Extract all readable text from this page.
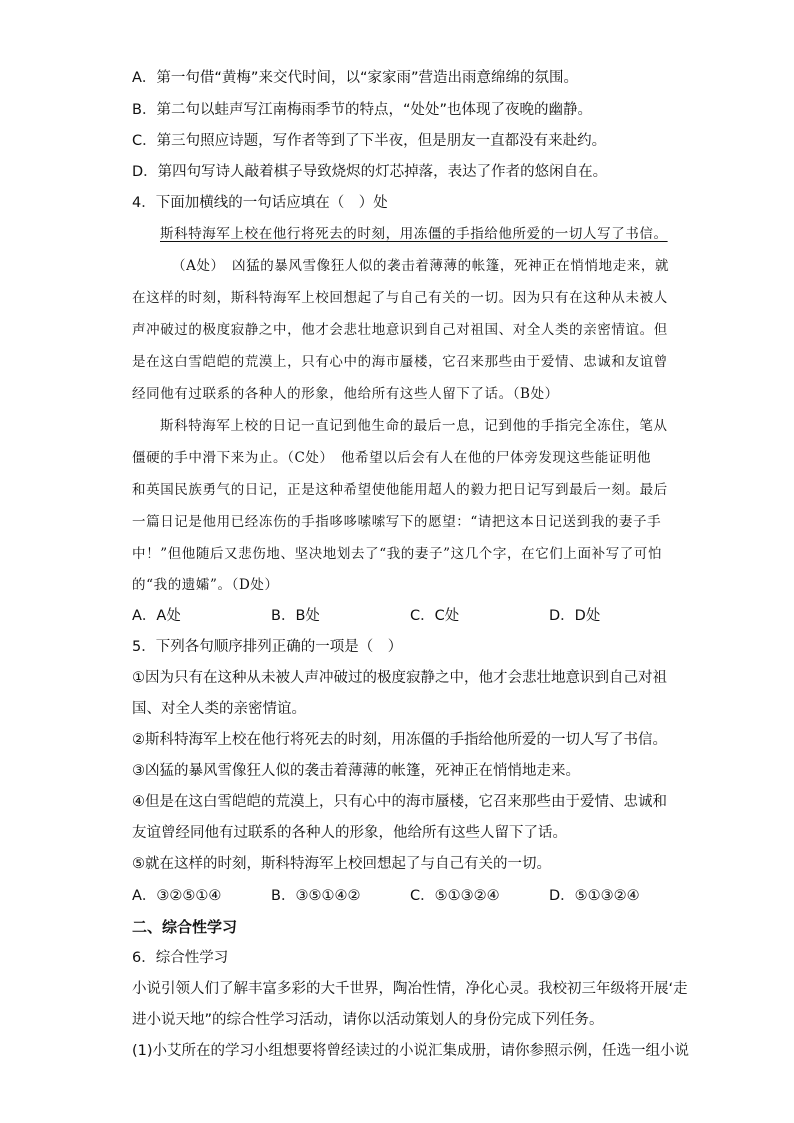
A．第一句借“黄梅”来交代时间，以“家家雨”营造出雨意绵绵的氛围。
B．第二句以蛙声写江南梅雨季节的特点，“处处”也体现了夜晚的幽静。
C．第三句照应诗题，写作者等到了下半夜，但是朋友一直都没有来赴约。
D．第四句写诗人敲着棋子导致烧烬的灯芯掉落，表达了作者的悠闲自在。
4．下面加横线的一句话应填在（　）处
斯科特海军上校在他行将死去的时刻，用冻僵的手指给他所爱的一切人写了书信。
（A处）　凶猛的暴风雪像狂人似的袭击着薄薄的帐篷，死神正在悄悄地走来，就
在这样的时刻，斯科特海军上校回想起了与自己有关的一切。因为只有在这种从未被人
声冲破过的极度寂静之中，他才会悲壮地意识到自己对祖国、对全人类的亲密情谊。但
是在这白雪皑皑的荒漠上，只有心中的海市蜃楼，它召来那些由于爱情、忠诚和友谊曾
经同他有过联系的各种人的形象，他给所有这些人留下了话。（B处）
斯科特海军上校的日记一直记到他生命的最后一息，记到他的手指完全冻住，笔从
僵硬的手中滑下来为止。（C处）　他希望以后会有人在他的尸体旁发现这些能证明他
和英国民族勇气的日记，正是这种希望使他能用超人的毅力把日记写到最后一刻。最后
一篇日记是他用已经冻伤的手指哆哆嗦嗦写下的愿望：“请把这本日记送到我的妻子手
中！”但他随后又悲伤地、坚决地划去了“我的妻子”这几个字，在它们上面补写了可怕
的“我的遗孀”。（D处）
A．A处	B．B处	C．C处	D．D处
5．下列各句顺序排列正确的一项是（　）
①因为只有在这种从未被人声冲破过的极度寂静之中，他才会悲壮地意识到自己对祖
国、对全人类的亲密情谊。
②斯科特海军上校在他行将死去的时刻，用冻僵的手指给他所爱的一切人写了书信。
③凶猛的暴风雪像狂人似的袭击着薄薄的帐篷，死神正在悄悄地走来。
④但是在这白雪皑皑的荒漠上，只有心中的海市蜃楼，它召来那些由于爱情、忠诚和
友谊曾经同他有过联系的各种人的形象，他给所有这些人留下了话。
⑤就在这样的时刻，斯科特海军上校回想起了与自己有关的一切。
A．③②⑤①④	B．③⑤①④②	C．⑤①③②④	D．⑤①③②④
二、综合性学习
6．综合性学习
小说引领人们了解丰富多彩的大千世界，陶冶性情，净化心灵。我校初三年级将开展‘走
进小说天地”的综合性学习活动，请你以活动策划人的身份完成下列任务。
(1)小艾所在的学习小组想要将曾经读过的小说汇集成册，请你参照示例，任选一组小说
